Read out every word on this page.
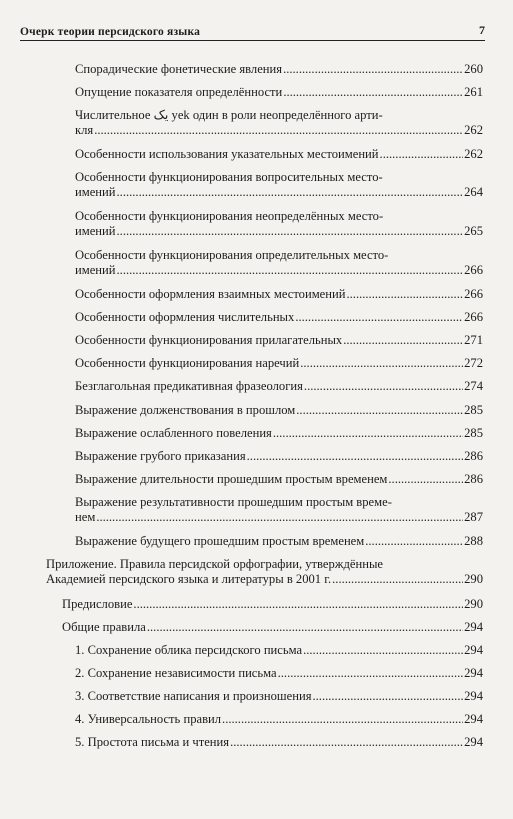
Очерк теории персидского языка	7
Спорадические фонетические явления .....	260
Опущение показателя определённости .....	261
Числительное یک yek один в роли неопределённого арти-
кля .....	262
Особенности использования указательных местоимений .....	262
Особенности функционирования вопросительных место-
имений .....	264
Особенности функционирования неопределённых место-
имений .....	265
Особенности функционирования определительных место-
имений .....	266
Особенности оформления взаимных местоимений .....	266
Особенности оформления числительных .....	266
Особенности функционирования прилагательных .....	271
Особенности функционирования наречий .....	272
Безглагольная предикативная фразеология .....	274
Выражение долженствования в прошлом .....	285
Выражение ослабленного повеления .....	285
Выражение грубого приказания .....	286
Выражение длительности прошедшим простым временем .....	286
Выражение результативности прошедшим простым време-
нем .....	287
Выражение будущего прошедшим простым временем .....	288
Приложение. Правила персидской орфографии, утверждённые
Академией персидского языка и литературы в 2001 г. .....	290
Предисловие .....	290
Общие правила .....	294
1. Сохранение облика персидского письма .....	294
2. Сохранение независимости письма .....	294
3. Соответствие написания и произношения .....	294
4. Универсальность правил .....	294
5. Простота письма и чтения .....	294
